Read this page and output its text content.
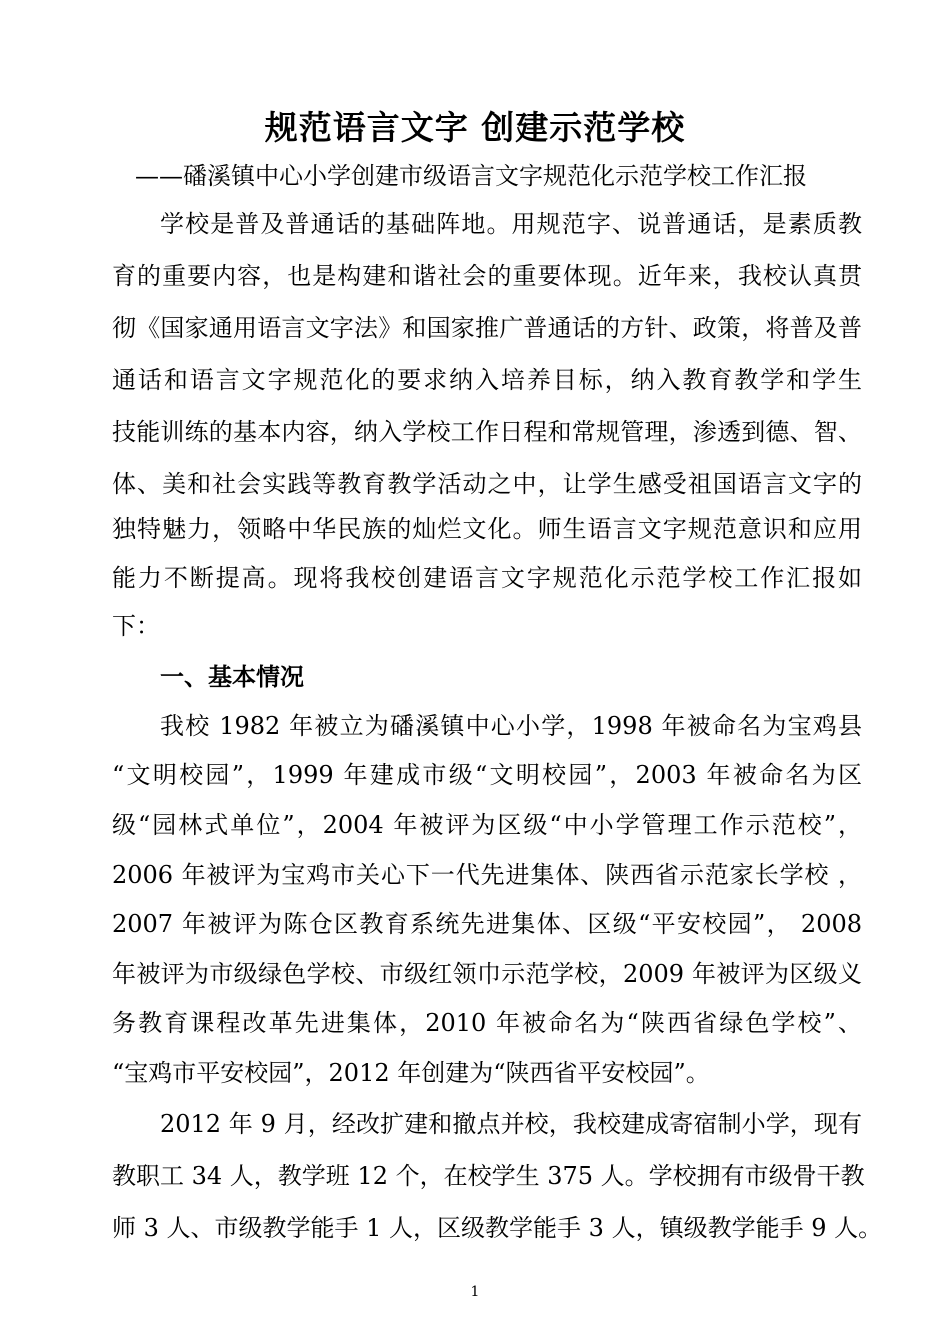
规范语言文字 创建示范学校
——磻溪镇中心小学创建市级语言文字规范化示范学校工作汇报
学校是普及普通话的基础阵地。用规范字、说普通话，是素质教
育的重要内容，也是构建和谐社会的重要体现。近年来，我校认真贯
彻《国家通用语言文字法》和国家推广普通话的方针、政策，将普及普
通话和语言文字规范化的要求纳入培养目标，纳入教育教学和学生
技能训练的基本内容，纳入学校工作日程和常规管理，渗透到德、智、
体、美和社会实践等教育教学活动之中，让学生感受祖国语言文字的
独特魅力，领略中华民族的灿烂文化。师生语言文字规范意识和应用
能力不断提高。现将我校创建语言文字规范化示范学校工作汇报如
下：
一、基本情况
我校 1982 年被立为磻溪镇中心小学，1998 年被命名为宝鸡县
“文明校园”，1999 年建成市级“文明校园”，2003 年被命名为区
级“园林式单位”，2004 年被评为区级“中小学管理工作示范校”，
2006 年被评为宝鸡市关心下一代先进集体、陕西省示范家长学校 ，
2007 年被评为陈仓区教育系统先进集体、区级“平安校园”， 2008
年被评为市级绿色学校、市级红领巾示范学校，2009 年被评为区级义
务教育课程改革先进集体，2010 年被命名为“陕西省绿色学校”、
“宝鸡市平安校园”，2012 年创建为“陕西省平安校园”。
2012 年 9 月，经改扩建和撤点并校，我校建成寄宿制小学，现有
教职工 34 人，教学班 12 个，在校学生 375 人。学校拥有市级骨干教
师 3 人、市级教学能手 1 人，区级教学能手 3 人，镇级教学能手 9 人。
1
